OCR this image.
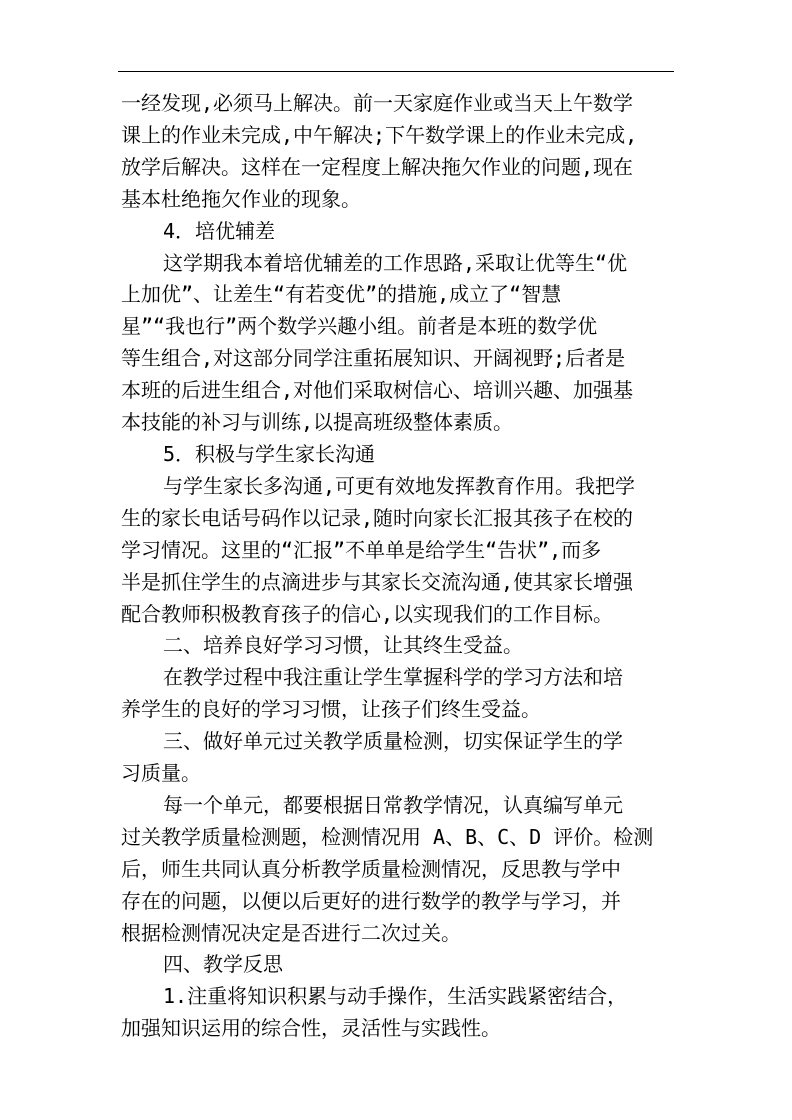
一经发现,必须马上解决。前一天家庭作业或当天上午数学

课上的作业未完成,中午解决;下午数学课上的作业未完成,

放学后解决。这样在一定程度上解决拖欠作业的问题,现在

基本杜绝拖欠作业的现象。

4．培优辅差

这学期我本着培优辅差的工作思路,采取让优等生“优

上加优”、让差生“有若变优”的措施,成立了“智慧

星”“我也行”两个数学兴趣小组。前者是本班的数学优

等生组合,对这部分同学注重拓展知识、开阔视野;后者是

本班的后进生组合,对他们采取树信心、培训兴趣、加强基

本技能的补习与训练,以提高班级整体素质。

5．积极与学生家长沟通

与学生家长多沟通,可更有效地发挥教育作用。我把学

生的家长电话号码作以记录,随时向家长汇报其孩子在校的

学习情况。这里的“汇报”不单单是给学生“告状”,而多

半是抓住学生的点滴进步与其家长交流沟通,使其家长增强

配合教师积极教育孩子的信心,以实现我们的工作目标。

二、培养良好学习习惯，让其终生受益。

在教学过程中我注重让学生掌握科学的学习方法和培

养学生的良好的学习习惯，让孩子们终生受益。

三、做好单元过关教学质量检测，切实保证学生的学

习质量。

每一个单元，都要根据日常教学情况，认真编写单元

过关教学质量检测题，检测情况用 A、B、C、D 评价。检测

后，师生共同认真分析教学质量检测情况，反思教与学中

存在的问题，以便以后更好的进行数学的教学与学习，并

根据检测情况决定是否进行二次过关。

四、教学反思

1.注重将知识积累与动手操作，生活实践紧密结合，

加强知识运用的综合性，灵活性与实践性。
